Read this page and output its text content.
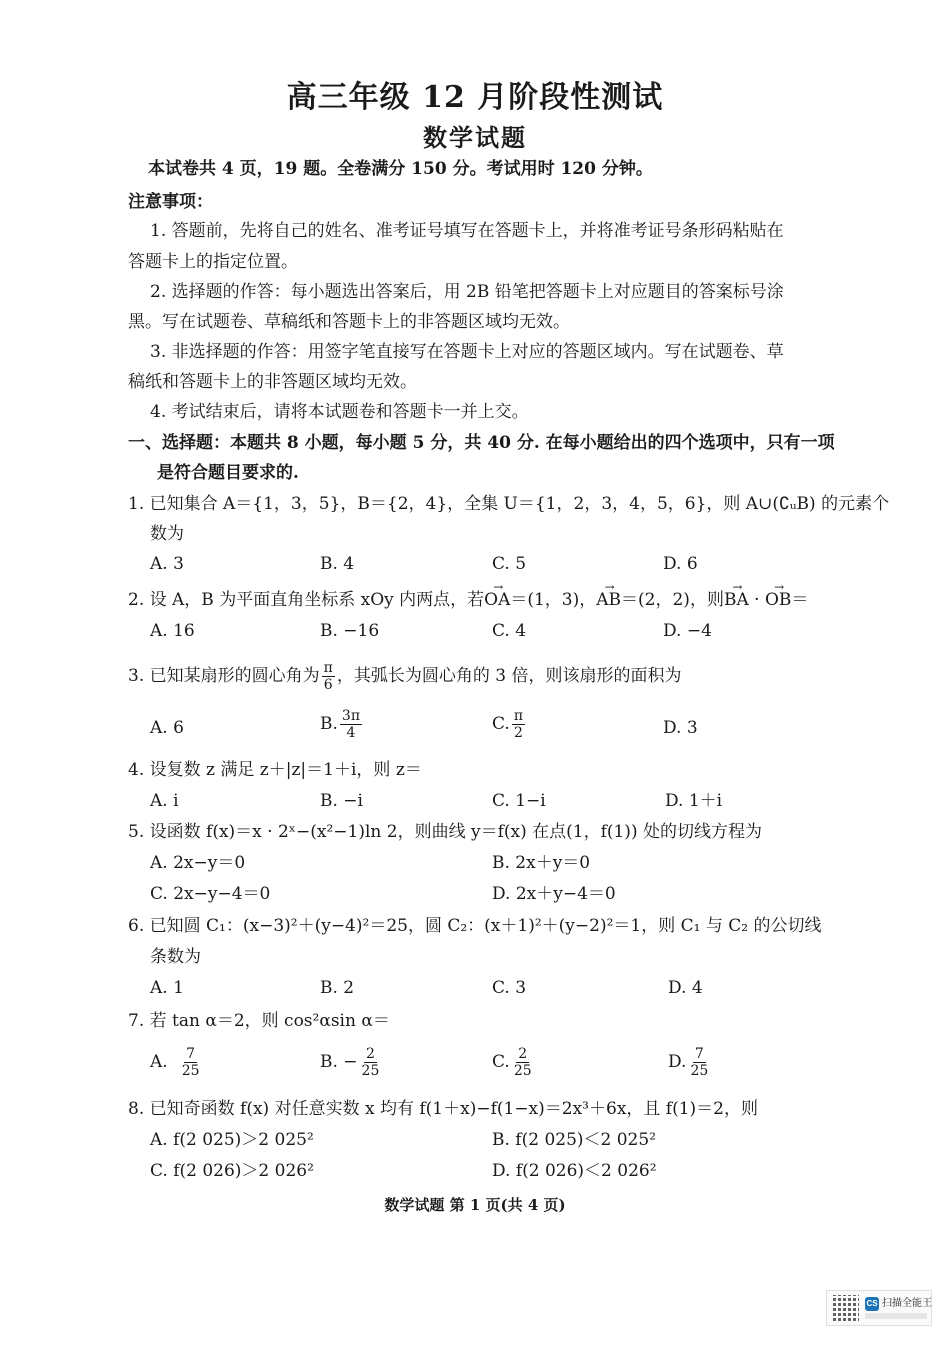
高三年级 12 月阶段性测试
数学试题
本试卷共 4 页，19 题。全卷满分 150 分。考试用时 120 分钟。
注意事项：
1. 答题前，先将自己的姓名、准考证号填写在答题卡上，并将准考证号条形码粘贴在
答题卡上的指定位置。
2. 选择题的作答：每小题选出答案后，用 2B 铅笔把答题卡上对应题目的答案标号涂
黑。写在试题卷、草稿纸和答题卡上的非答题区域均无效。
3. 非选择题的作答：用签字笔直接写在答题卡上对应的答题区域内。写在试题卷、草
稿纸和答题卡上的非答题区域均无效。
4. 考试结束后，请将本试题卷和答题卡一并上交。
一、选择题：本题共 8 小题，每小题 5 分，共 40 分. 在每小题给出的四个选项中，只有一项
是符合题目要求的.
1. 已知集合 A＝{1，3，5}，B＝{2，4}，全集 U＝{1，2，3，4，5，6}，则 A∪(∁ᵤB) 的元素个
数为
A. 3	B. 4	C. 5	D. 6
2. 设 A，B 为平面直角坐标系 xOy 内两点，若→ OA＝(1，3)，→ AB＝(2，2)，则→ BA · → OB＝
A. 16	B. −16	C. 4	D. −4
3. 已知某扇形的圆心角为 $\frac{\pi}{6}$ ，其弧长为圆心角的 3 倍，则该扇形的面积为
A. 6	B. $\frac{3\pi}{4}$	C. $\frac{\pi}{2}$	D. 3
4. 设复数 z 满足 z＋|z|＝1＋i，则 z＝
A. i	B. −i	C. 1−i	D. 1＋i
5. 设函数 f(x)＝x · 2ˣ−(x²−1)ln 2，则曲线 y＝f(x) 在点(1，f(1)) 处的切线方程为
A. 2x−y＝0	B. 2x＋y＝0
C. 2x−y−4＝0	D. 2x＋y−4＝0
6. 已知圆 C₁：(x−3)²＋(y−4)²＝25，圆 C₂：(x＋1)²＋(y−2)²＝1，则 C₁ 与 C₂ 的公切线
条数为
A. 1	B. 2	C. 3	D. 4
7. 若 tan α＝2，则 cos²αsin α＝
A. $\frac{7}{25}$	B. − $\frac{2}{25}$	C. $\frac{2}{25}$	D. $\frac{7}{25}$
8. 已知奇函数 f(x) 对任意实数 x 均有 f(1＋x)−f(1−x)＝2x³＋6x，且 f(1)＝2，则
A. f(2 025)＞2 025²	B. f(2 025)＜2 025²
C. f(2 026)＞2 026²	D. f(2 026)＜2 026²
数学试题 第 1 页(共 4 页)
CS 扫描全能王
